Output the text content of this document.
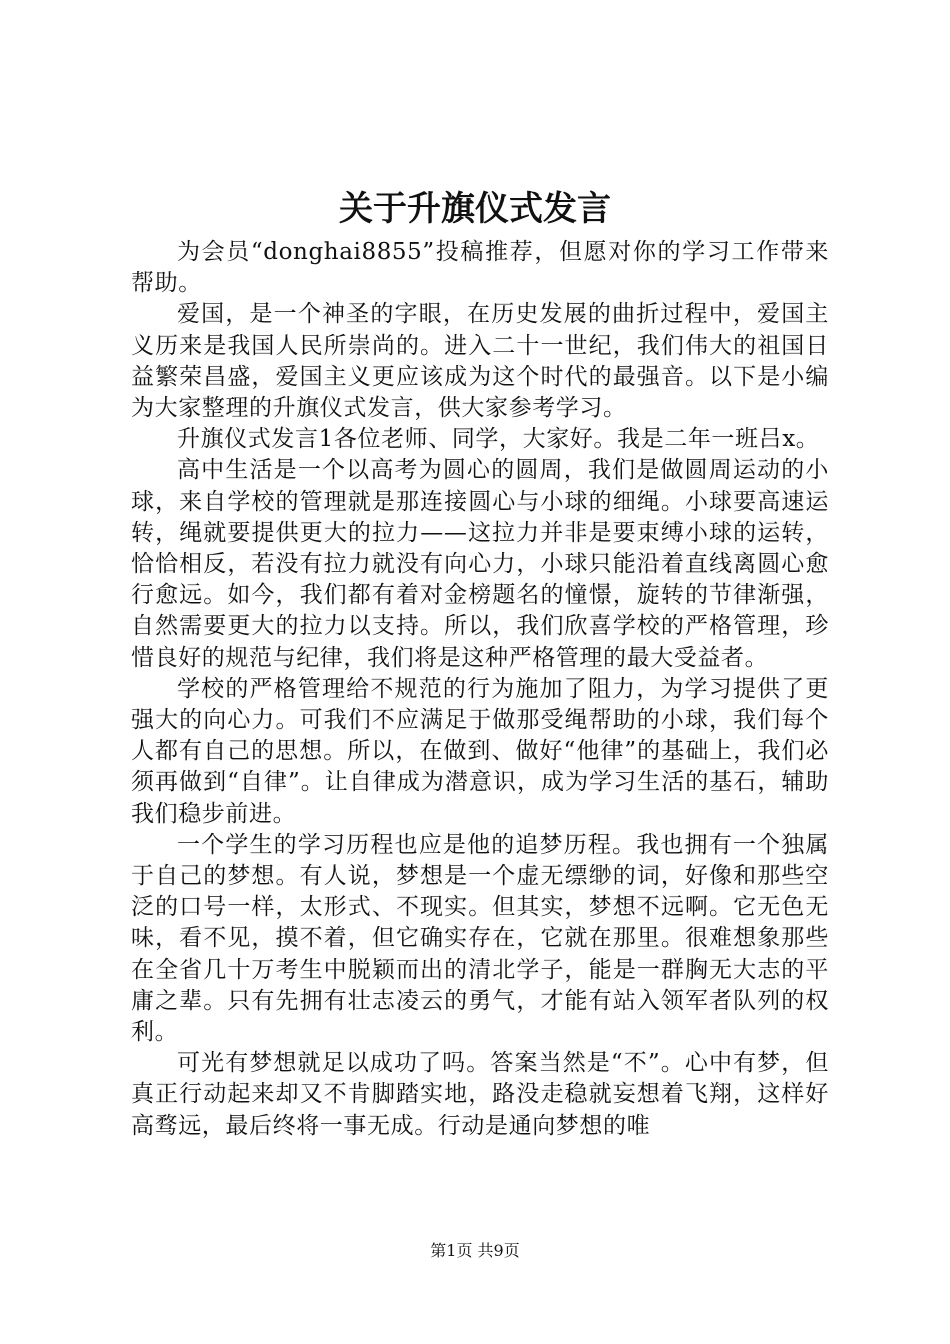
关于升旗仪式发言

为会员“donghai8855”投稿推荐，但愿对你的学习工作带来帮助。

爱国，是一个神圣的字眼，在历史发展的曲折过程中，爱国主义历来是我国人民所崇尚的。进入二十一世纪，我们伟大的祖国日益繁荣昌盛，爱国主义更应该成为这个时代的最强音。以下是小编为大家整理的升旗仪式发言，供大家参考学习。

升旗仪式发言1各位老师、同学，大家好。我是二年一班吕x。

高中生活是一个以高考为圆心的圆周，我们是做圆周运动的小球，来自学校的管理就是那连接圆心与小球的细绳。小球要高速运转，绳就要提供更大的拉力——这拉力并非是要束缚小球的运转，恰恰相反，若没有拉力就没有向心力，小球只能沿着直线离圆心愈行愈远。如今，我们都有着对金榜题名的憧憬，旋转的节律渐强，自然需要更大的拉力以支持。所以，我们欣喜学校的严格管理，珍惜良好的规范与纪律，我们将是这种严格管理的最大受益者。

学校的严格管理给不规范的行为施加了阻力，为学习提供了更强大的向心力。可我们不应满足于做那受绳帮助的小球，我们每个人都有自己的思想。所以，在做到、做好“他律”的基础上，我们必须再做到“自律”。让自律成为潜意识，成为学习生活的基石，辅助我们稳步前进。

一个学生的学习历程也应是他的追梦历程。我也拥有一个独属于自己的梦想。有人说，梦想是一个虚无缥缈的词，好像和那些空泛的口号一样，太形式、不现实。但其实，梦想不远啊。它无色无味，看不见，摸不着，但它确实存在，它就在那里。很难想象那些在全省几十万考生中脱颖而出的清北学子，能是一群胸无大志的平庸之辈。只有先拥有壮志凌云的勇气，才能有站入领军者队列的权利。

可光有梦想就足以成功了吗。答案当然是“不”。心中有梦，但真正行动起来却又不肯脚踏实地，路没走稳就妄想着飞翔，这样好高骛远，最后终将一事无成。行动是通向梦想的唯

第1页 共9页
